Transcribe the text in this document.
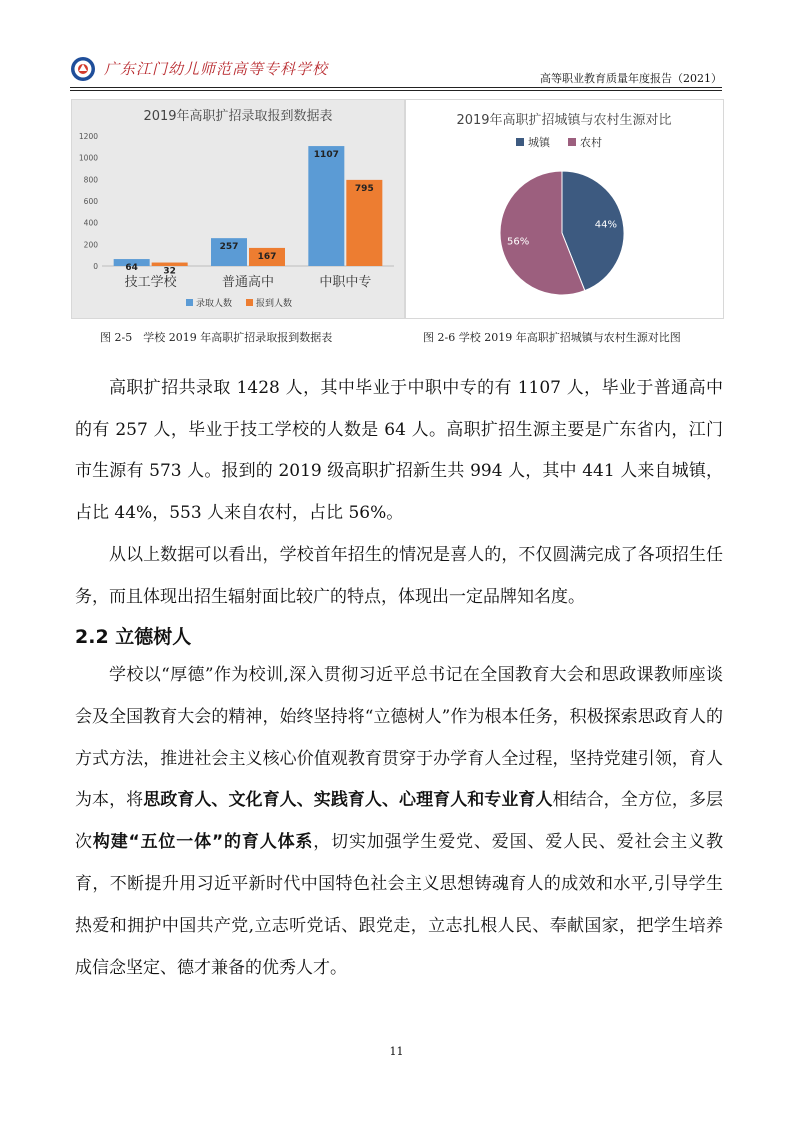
广东江门幼儿师范高等专科学校
高等职业教育质量年度报告（2021）
2019年高职扩招录取报到数据表
0
200
400
600
800
1000
1200
64	32
257
167
1107
795
技工学校	普通高中	中职中专
录取人数	报到人数
2019年高职扩招城镇与农村生源对比
城镇	农村
44%
56%
图 2-5　学校 2019 年高职扩招录取报到数据表	图 2-6 学校 2019 年高职扩招城镇与农村生源对比图

高职扩招共录取 1428 人，其中毕业于中职中专的有 1107 人，毕业于普通高中的有 257 人，毕业于技工学校的人数是 64 人。高职扩招生源主要是广东省内，江门市生源有 573 人。报到的 2019 级高职扩招新生共 994 人，其中 441 人来自城镇，占比 44%，553 人来自农村，占比 56%。

从以上数据可以看出，学校首年招生的情况是喜人的，不仅圆满完成了各项招生任务，而且体现出招生辐射面比较广的特点，体现出一定品牌知名度。

2.2 立德树人

学校以“厚德”作为校训,深入贯彻习近平总书记在全国教育大会和思政课教师座谈会及全国教育大会的精神，始终坚持将“立德树人”作为根本任务，积极探索思政育人的方式方法，推进社会主义核心价值观教育贯穿于办学育人全过程，坚持党建引领，育人为本，将思政育人、文化育人、实践育人、心理育人和专业育人相结合，全方位，多层次构建“五位一体”的育人体系，切实加强学生爱党、爱国、爱人民、爱社会主义教育，不断提升用习近平新时代中国特色社会主义思想铸魂育人的成效和水平,引导学生热爱和拥护中国共产党,立志听党话、跟党走，立志扎根人民、奉献国家，把学生培养成信念坚定、德才兼备的优秀人才。

11
